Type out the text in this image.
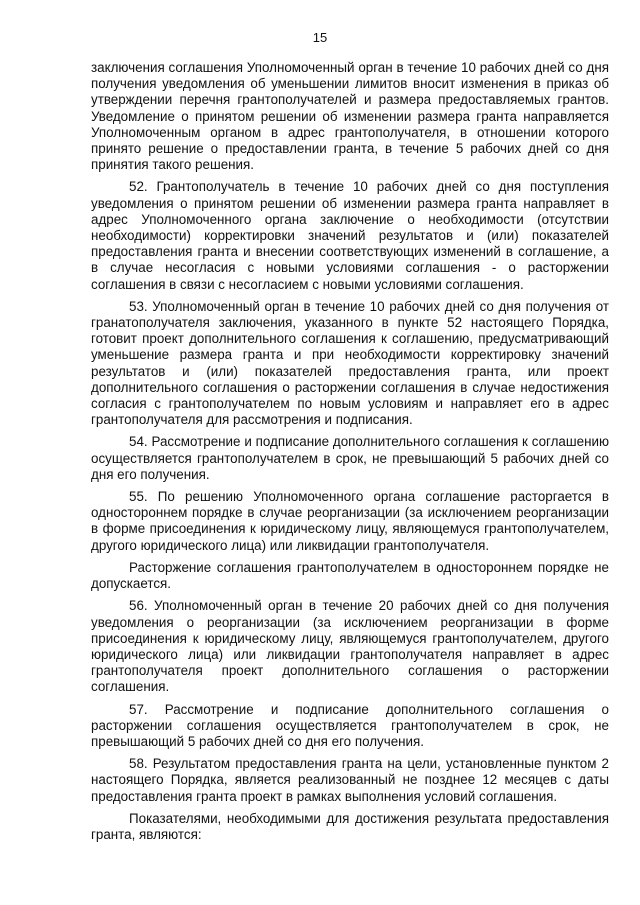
15

заключения соглашения Уполномоченный орган в течение 10 рабочих дней со дня получения уведомления об уменьшении лимитов вносит изменения в приказ об утверждении перечня грантополучателей и размера предоставляемых грантов. Уведомление о принятом решении об изменении размера гранта направляется Уполномоченным органом в адрес грантополучателя, в отношении которого принято решение о предоставлении гранта, в течение 5 рабочих дней со дня принятия такого решения.

52. Грантополучатель в течение 10 рабочих дней со дня поступления уведомления о принятом решении об изменении размера гранта направляет в адрес Уполномоченного органа заключение о необходимости (отсутствии необходимости) корректировки значений результатов и (или) показателей предоставления гранта и внесении соответствующих изменений в соглашение, а в случае несогласия с новыми условиями соглашения - о расторжении соглашения в связи с несогласием с новыми условиями соглашения.

53. Уполномоченный орган в течение 10 рабочих дней со дня получения от гранатополучателя заключения, указанного в пункте 52 настоящего Порядка, готовит проект дополнительного соглашения к соглашению, предусматривающий уменьшение размера гранта и при необходимости корректировку значений результатов и (или) показателей предоставления гранта, или проект дополнительного соглашения о расторжении соглашения в случае недостижения согласия с грантополучателем по новым условиям и направляет его в адрес грантополучателя для рассмотрения и подписания.

54. Рассмотрение и подписание дополнительного соглашения к соглашению осуществляется грантополучателем в срок, не превышающий 5 рабочих дней со дня его получения.

55. По решению Уполномоченного органа соглашение расторгается в одностороннем порядке в случае реорганизации (за исключением реорганизации в форме присоединения к юридическому лицу, являющемуся грантополучателем, другого юридического лица) или ликвидации грантополучателя.

Расторжение соглашения грантополучателем в одностороннем порядке не допускается.

56. Уполномоченный орган в течение 20 рабочих дней со дня получения уведомления о реорганизации (за исключением реорганизации в форме присоединения к юридическому лицу, являющемуся грантополучателем, другого юридического лица) или ликвидации грантополучателя направляет в адрес грантополучателя проект дополнительного соглашения о расторжении соглашения.

57. Рассмотрение и подписание дополнительного соглашения о расторжении соглашения осуществляется грантополучателем в срок, не превышающий 5 рабочих дней со дня его получения.

58. Результатом предоставления гранта на цели, установленные пунктом 2 настоящего Порядка, является реализованный не позднее 12 месяцев с даты предоставления гранта проект в рамках выполнения условий соглашения.

Показателями, необходимыми для достижения результата предоставления гранта, являются:
